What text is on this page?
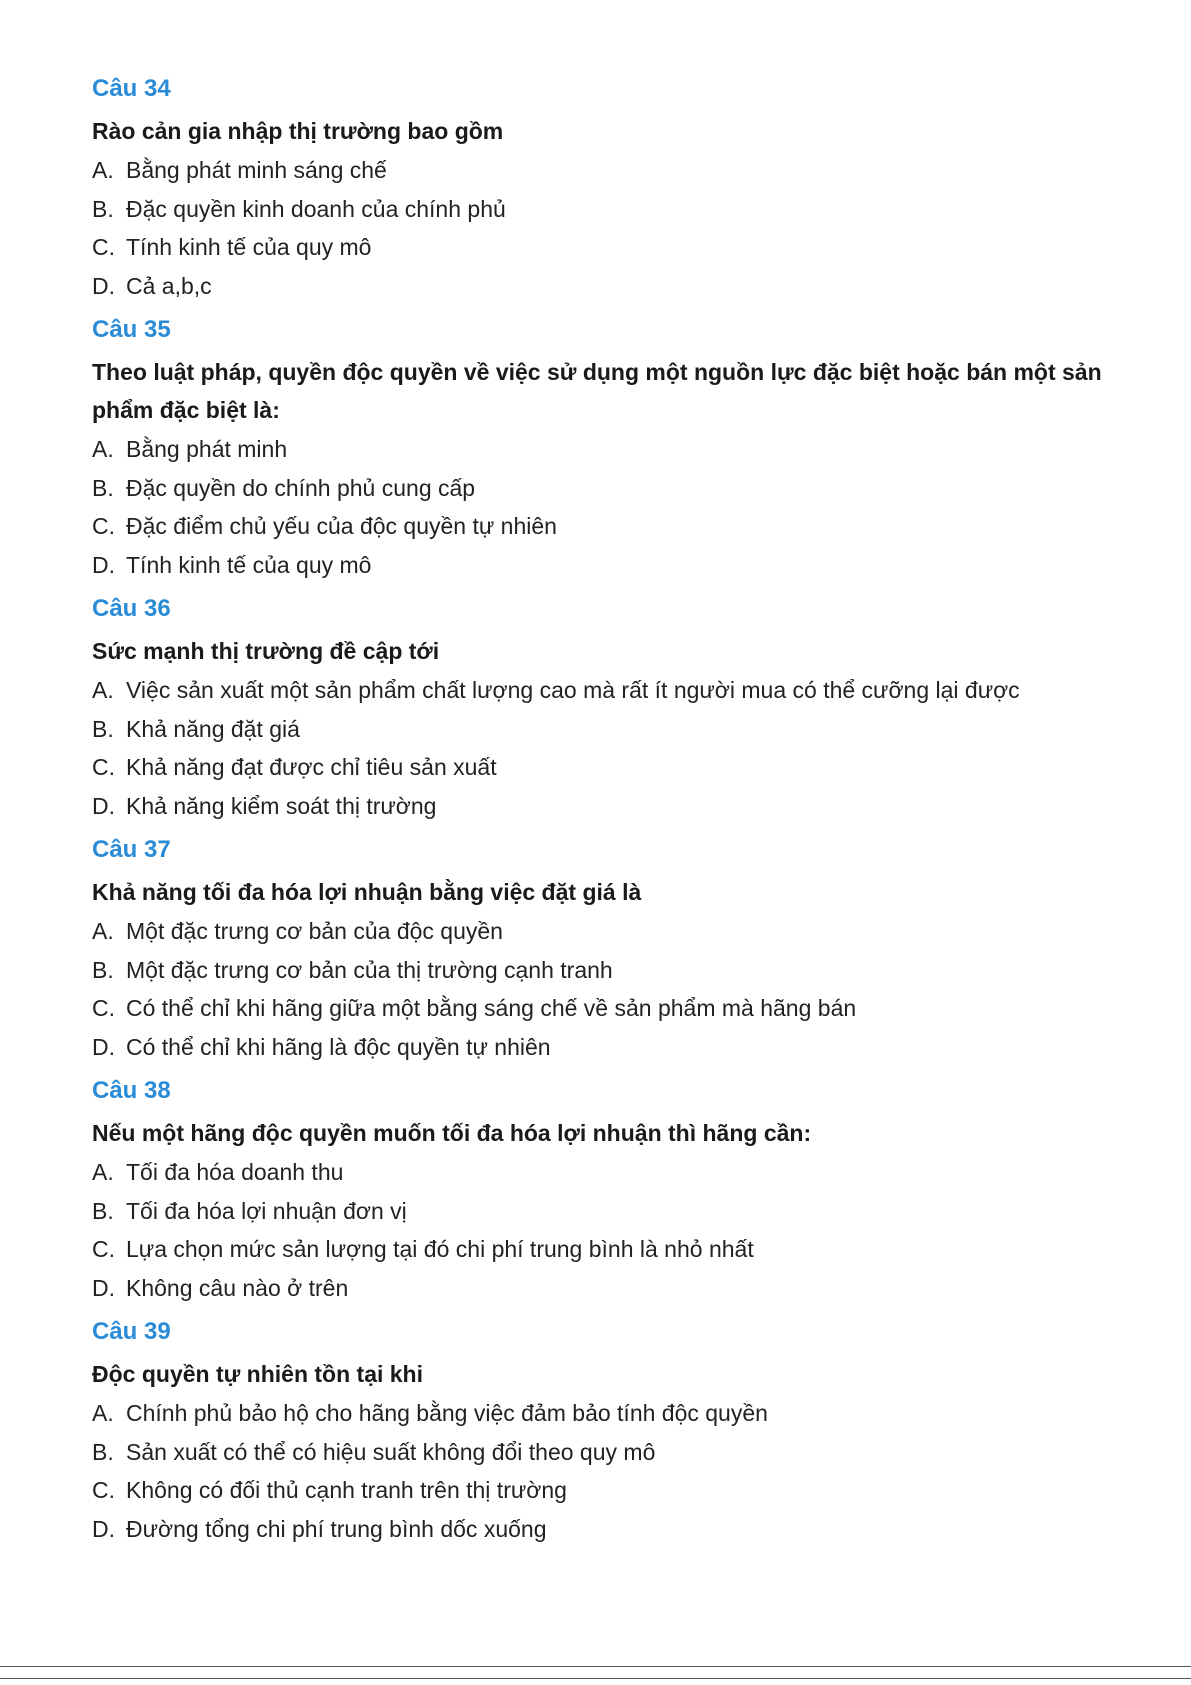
Câu 34
Rào cản gia nhập thị trường bao gồm
A. Bằng phát minh sáng chế
B. Đặc quyền kinh doanh của chính phủ
C. Tính kinh tế của quy mô
D. Cả a,b,c
Câu 35
Theo luật pháp, quyền độc quyền về việc sử dụng một nguồn lực đặc biệt hoặc bán một sản phẩm đặc biệt là:
A. Bằng phát minh
B. Đặc quyền do chính phủ cung cấp
C. Đặc điểm chủ yếu của độc quyền tự nhiên
D. Tính kinh tế của quy mô
Câu 36
Sức mạnh thị trường đề cập tới
A. Việc sản xuất một sản phẩm chất lượng cao mà rất ít người mua có thể cưỡng lại được
B. Khả năng đặt giá
C. Khả năng đạt được chỉ tiêu sản xuất
D. Khả năng kiểm soát thị trường
Câu 37
Khả năng tối đa hóa lợi nhuận bằng việc đặt giá là
A. Một đặc trưng cơ bản của độc quyền
B. Một đặc trưng cơ bản của thị trường cạnh tranh
C. Có thể chỉ khi hãng giữa một bằng sáng chế về sản phẩm mà hãng bán
D. Có thể chỉ khi hãng là độc quyền tự nhiên
Câu 38
Nếu một hãng độc quyền muốn tối đa hóa lợi nhuận thì hãng cần:
A. Tối đa hóa doanh thu
B. Tối đa hóa lợi nhuận đơn vị
C. Lựa chọn mức sản lượng tại đó chi phí trung bình là nhỏ nhất
D. Không câu nào ở trên
Câu 39
Độc quyền tự nhiên tồn tại khi
A. Chính phủ bảo hộ cho hãng bằng việc đảm bảo tính độc quyền
B. Sản xuất có thể có hiệu suất không đổi theo quy mô
C. Không có đối thủ cạnh tranh trên thị trường
D. Đường tổng chi phí trung bình dốc xuống
